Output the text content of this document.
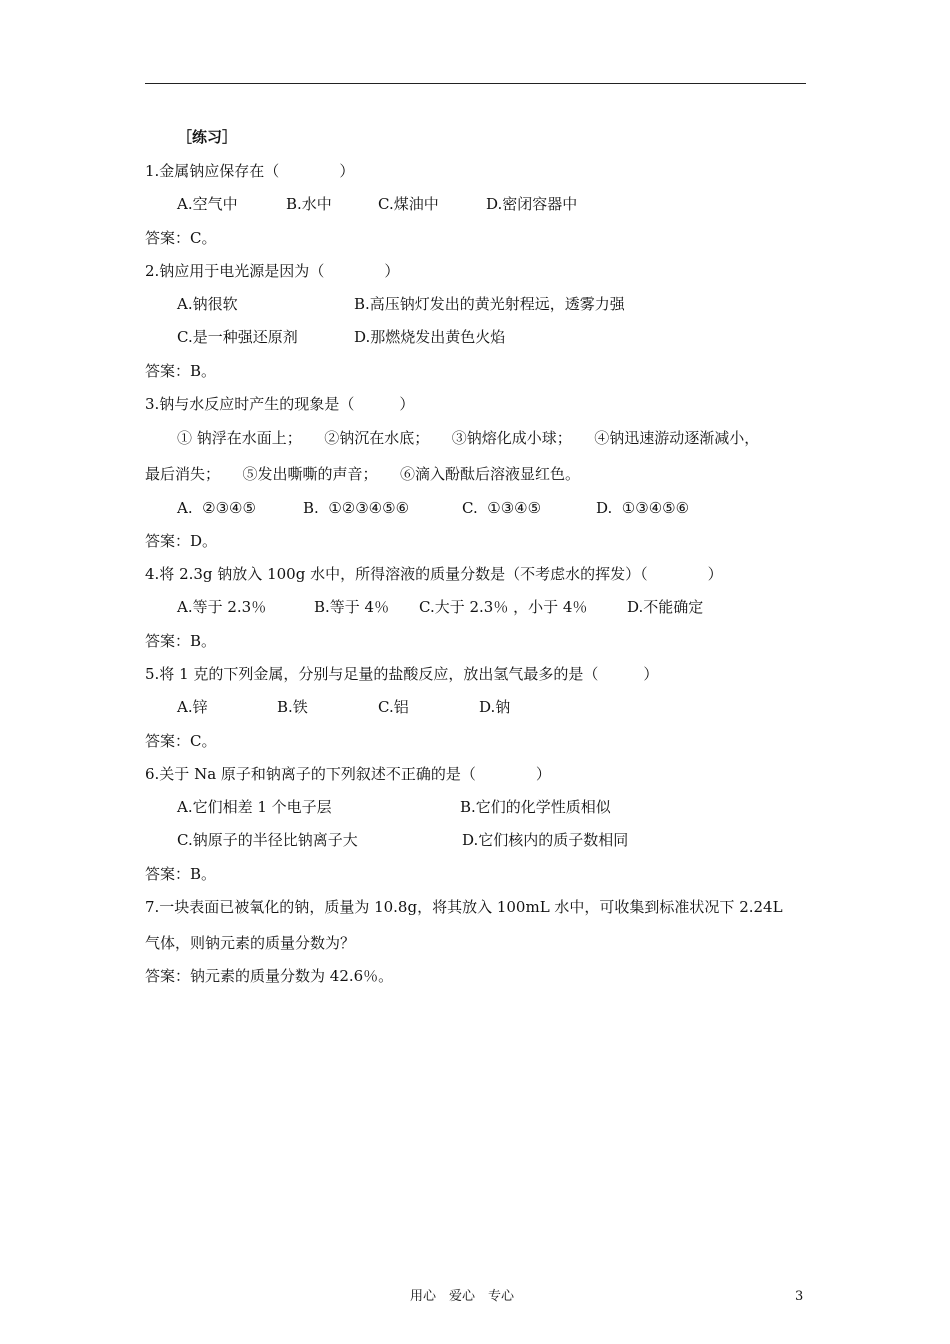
［练习］
1.金属钠应保存在（　　　　）
A.空气中	B.水中	C.煤油中	D.密闭容器中
答案：C。
2.钠应用于电光源是因为（　　　　）
A.钠很软	B.高压钠灯发出的黄光射程远，透雾力强
C.是一种强还原剂	D.那燃烧发出黄色火焰
答案：B。
3.钠与水反应时产生的现象是（　　　）
① 钠浮在水面上；　　②钠沉在水底；　　③钠熔化成小球；　　④钠迅速游动逐渐减小，
最后消失；　　⑤发出嘶嘶的声音；　　⑥滴入酚酞后溶液显红色。
A.  ②③④⑤	B.  ①②③④⑤⑥	C.  ①③④⑤	D.  ①③④⑤⑥
答案：D。
4.将 2.3g 钠放入 100g 水中，所得溶液的质量分数是（不考虑水的挥发）（　　　　）
A.等于 2.3％	B.等于 4％ C.大于 2.3％ ，小于 4％	D.不能确定
答案：B。
5.将 1 克的下列金属，分别与足量的盐酸反应，放出氢气最多的是（　　　）
A.锌	B.铁	C.铝	D.钠
答案：C。
6.关于 Na 原子和钠离子的下列叙述不正确的是（　　　　）
A.它们相差 1 个电子层	B.它们的化学性质相似
C.钠原子的半径比钠离子大	D.它们核内的质子数相同
答案：B。
7.一块表面已被氧化的钠，质量为 10.8g，将其放入 100mL 水中，可收集到标准状况下 2.24L
气体，则钠元素的质量分数为？
答案：钠元素的质量分数为 42.6％。
用心　爱心　专心	3
